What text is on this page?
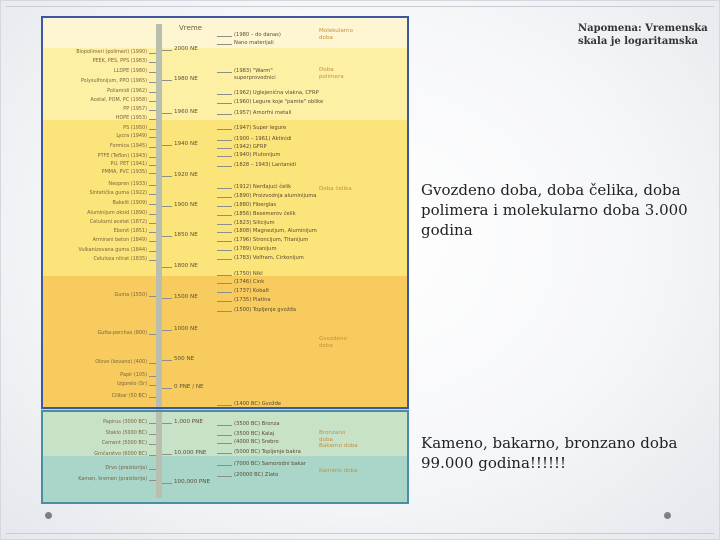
Vreme
Biopolimeri (polimeri) (1990)
PEEK, PES, PPS (1983)
LLDPE (1980)
Polysulfonijum, PPO (1965)
Poliamidi (1962)
Acetal, POM, PC (1958)
PP (1957)
HDPE (1953)
PS (1950)
Lycra (1949)
Formica (1945)
PTFE (Teflon) (1943)
PU, PET (1941)
PMMA, PVC (1935)
Neopren (1933)
Sintetička guma (1922)
Bakelit (1909)
Aluminijum oksid (1890)
Celulozni acetat (1872)
Ebonit (1851)
Armirani beton (1849)
Vulkanizovana guma (1844)
Celuloza nitrat (1835)
Guma (1550)
Gutta-perchas (800)
Olovo (kovano) (400)
Papir (105)
Izgorelo (Sr)
Cilibar (50 BC)
Papirus (3000 BC)
Staklo (5000 BC)
Cement (5000 BC)
Grnčarstvo (6000 BC)
Drvo (praistorija)
Kamen, kremen (praistorija)
2000 NE
1980 NE
1960 NE
1940 NE
1920 NE
1900 NE
1850 NE
1800 NE
1500 NE
1000 NE
500 NE
0 PNE / NE
1,000 PNE
10,000 PNE
100,000 PNE
(1980 – do danas)
Nano materijali
(1983) "Warm"
superprovodnici
(1962) Uglejenična vlakna, CFRP
(1960) Legure koje "pamte" oblike
(1957) Amorfni metali
(1947) Super legure
(1900 – 1961) Aktinidi
(1942) GFRP
(1940) Plutonijum
(1828 – 1943) Lantanidi
(1912) Nerđajući čelik
(1890) Proizvodnja aluminijuma
(1880) Fiberglas
(1856) Besemerov čelik
(1823) Silicijum
(1808) Magnezijum, Aluminijum
(1796) Stroncijum, Titanijum
(1789) Uranijum
(1783) Volfram, Cirkonijum
(1750) Nikl
(1746) Cink
(1737) Kobalt
(1735) Platina
(1500) Topljenje gvožđa
(1400 BC) Gvožđe
(3500 BC) Bronza
(3500 BC) Kalaj
(4000 BC) Srebro
(5000 BC) Topljenje bakra
(7000 BC) Samorodni bakar
(20000 BC) Zlato
Molekularno doba
Doba polimera
Doba čelika
Gvozdeno doba
Bronzano doba
Bakarno doba
Kameno doba
Napomena: Vremenska skala je logaritamska
Gvozdeno doba, doba čelika, doba polimera i molekularno doba 3.000 godina
Kameno, bakarno, bronzano doba 99.000 godina!!!!!!
